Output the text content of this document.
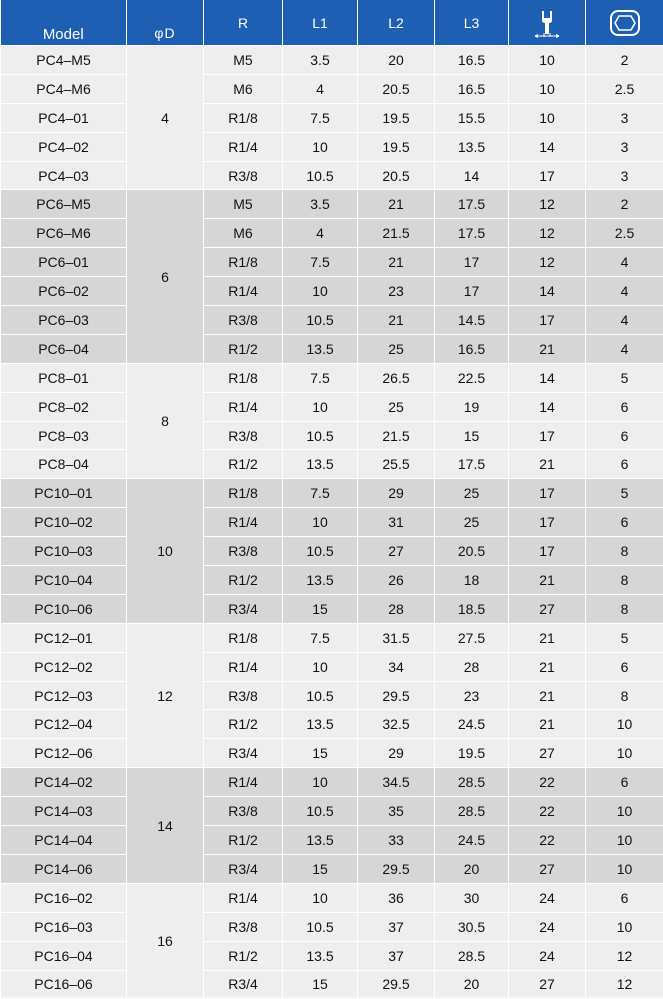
Model	φD	R	L1	L2	L3	

PC4–M5	4	M5	3.5	20	16.5	10	2
PC4–M6		M6	4	20.5	16.5	10	2.5
PC4–01		R1/8	7.5	19.5	15.5	10	3
PC4–02		R1/4	10	19.5	13.5	14	3
PC4–03		R3/8	10.5	20.5	14	17	3
PC6–M5	6	M5	3.5	21	17.5	12	2
PC6–M6		M6	4	21.5	17.5	12	2.5
PC6–01		R1/8	7.5	21	17	12	4
PC6–02		R1/4	10	23	17	14	4
PC6–03		R3/8	10.5	21	14.5	17	4
PC6–04		R1/2	13.5	25	16.5	21	4
PC8–01	8	R1/8	7.5	26.5	22.5	14	5
PC8–02		R1/4	10	25	19	14	6
PC8–03		R3/8	10.5	21.5	15	17	6
PC8–04		R1/2	13.5	25.5	17.5	21	6
PC10–01	10	R1/8	7.5	29	25	17	5
PC10–02		R1/4	10	31	25	17	6
PC10–03		R3/8	10.5	27	20.5	17	8
PC10–04		R1/2	13.5	26	18	21	8
PC10–06		R3/4	15	28	18.5	27	8
PC12–01	12	R1/8	7.5	31.5	27.5	21	5
PC12–02		R1/4	10	34	28	21	6
PC12–03		R3/8	10.5	29.5	23	21	8
PC12–04		R1/2	13.5	32.5	24.5	21	10
PC12–06		R3/4	15	29	19.5	27	10
PC14–02	14	R1/4	10	34.5	28.5	22	6
PC14–03		R3/8	10.5	35	28.5	22	10
PC14–04		R1/2	13.5	33	24.5	22	10
PC14–06		R3/4	15	29.5	20	27	10
PC16–02	16	R1/4	10	36	30	24	6
PC16–03		R3/8	10.5	37	30.5	24	10
PC16–04		R1/2	13.5	37	28.5	24	12
PC16–06		R3/4	15	29.5	20	27	12
